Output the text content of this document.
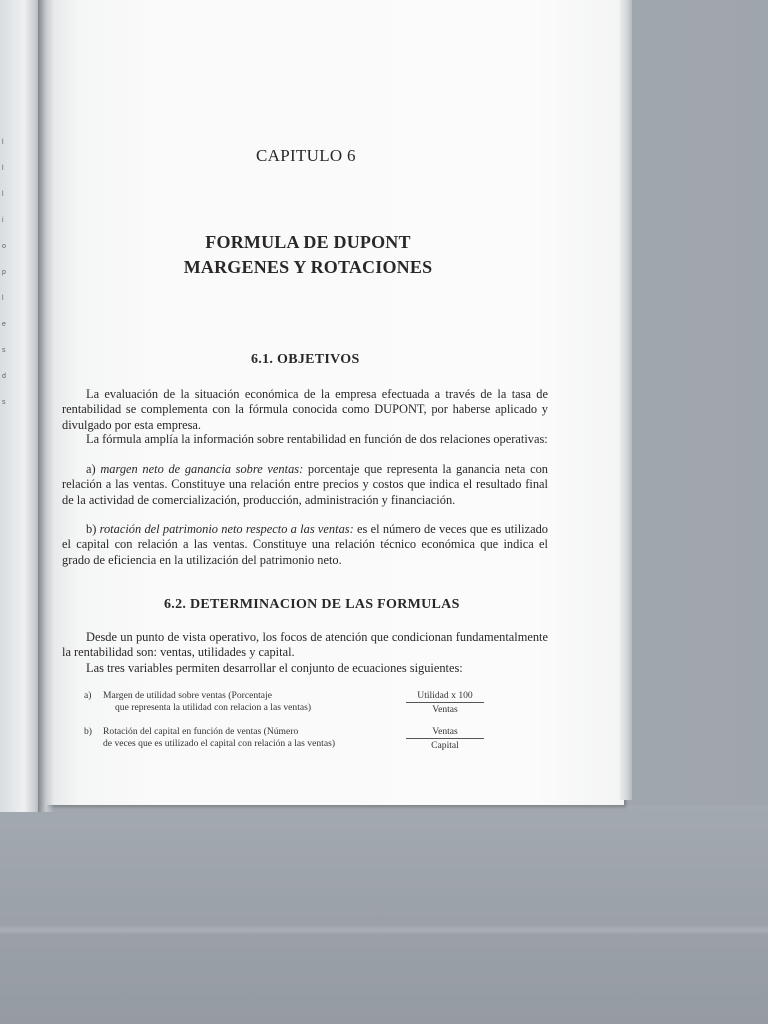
l
l
l
i
o
p
l
e
s
d
s
CAPITULO 6
FORMULA DE DUPONT
MARGENES Y ROTACIONES
6.1. OBJETIVOS
La evaluación de la situación económica de la empresa efectuada a través de la tasa de rentabilidad se complementa con la fórmula conocida como DUPONT, por haberse aplicado y divulgado por esta empresa.
La fórmula amplía la información sobre rentabilidad en función de dos relaciones operativas:
a) margen neto de ganancia sobre ventas: porcentaje que representa la ganancia neta con relación a las ventas. Constituye una relación entre precios y costos que indica el resultado final de la actividad de comercialización, producción, administración y financiación.
b) rotación del patrimonio neto respecto a las ventas: es el número de veces que es utilizado el capital con relación a las ventas. Constituye una relación técnico económica que indica el grado de eficiencia en la utilización del patrimonio neto.
6.2. DETERMINACION DE LAS FORMULAS
Desde un punto de vista operativo, los focos de atención que condicionan fundamentalmente la rentabilidad son: ventas, utilidades y capital.
Las tres variables permiten desarrollar el conjunto de ecuaciones siguientes:
a) Margen de utilidad sobre ventas (Porcentaje
que representa la utilidad con relacion a las ventas)
Utilidad x 100
Ventas
b) Rotación del capital en función de ventas (Número
de veces que es utilizado el capital con relación a las ventas)
Ventas
Capital
